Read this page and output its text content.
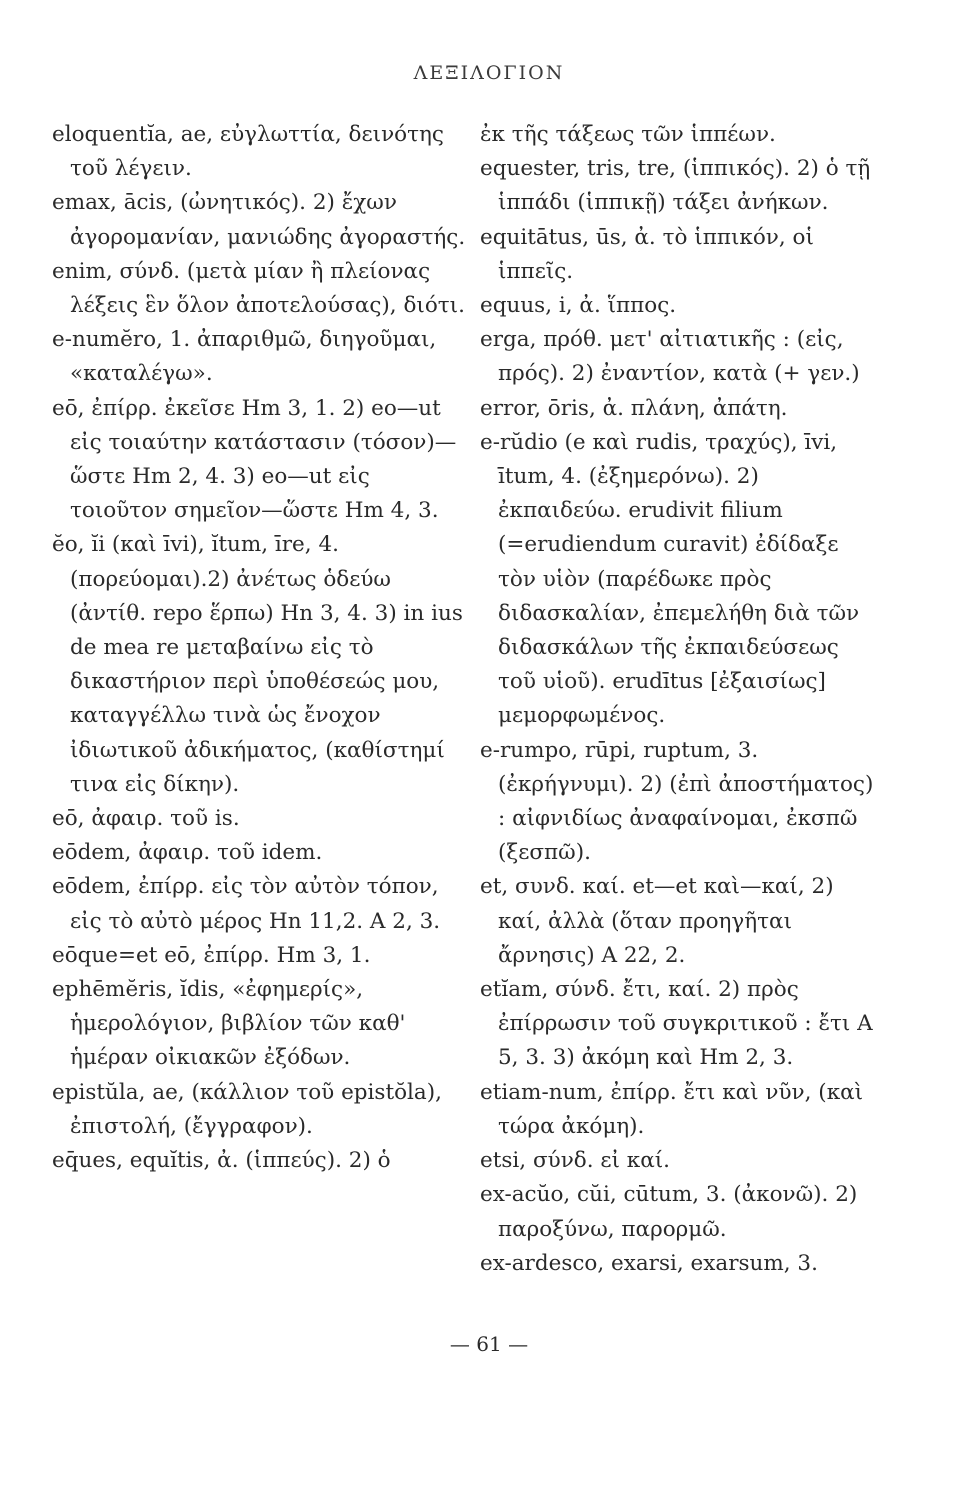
ΛΕΞΙΛΟΓΙΟΝ

eloquentĭa, ae, εὐγλωττία, δεινότης τοῦ λέγειν.

emax, ācis, (ὠνητικός). 2) ἔχων ἀγορομανίαν, μανιώδης ἀγοραστής.

enim, σύνδ. (μετὰ μίαν ἢ πλείονας λέξεις ἓν ὅλον ἀποτελούσας), διότι.

e-numĕro, 1. ἀπαριθμῶ, διηγοῦμαι, «καταλέγω».

eō, ἐπίρρ. ἐκεῖσε Hm 3, 1. 2) eo—ut εἰς τοιαύτην κατάστασιν (τόσον)—ὥστε Hm 2, 4. 3) eo—ut εἰς τοιοῦτον σημεῖον—ὥστε Hm 4, 3.

ĕo, ĭi (καὶ īvi), ĭtum, īre, 4. (πορεύομαι).2) ἀνέτως ὁδεύω (ἀντίθ. repo ἕρπω) Hn 3, 4. 3) in ius de mea re μεταβαίνω εἰς τὸ δικαστήριον περὶ ὑποθέσεώς μου, καταγγέλλω τινὰ ὡς ἔνοχον ἰδιωτικοῦ ἀδικήματος, (καθίστημί τινα εἰς δίκην).

eō, ἀφαιρ. τοῦ is.

eōdem, ἀφαιρ. τοῦ idem.

eōdem, ἐπίρρ. εἰς τὸν αὐτὸν τόπον, εἰς τὸ αὐτὸ μέρος Hn 11,2. A 2, 3.

eōque=et eō, ἐπίρρ. Hm 3, 1.

ephēmĕris, ĭdis, «ἐφημερίς», ἡμερολόγιον, βιβλίον τῶν καθ' ἡμέραν οἰκιακῶν ἐξόδων.

epistŭla, ae, (κάλλιον τοῦ epistŏla), ἐπιστολή, (ἔγγραφον).

eq̄ues, equĭtis, ἀ. (ἱππεύς). 2) ὁ

ἐκ τῆς τάξεως τῶν ἱππέων.

equester, tris, tre, (ἱππικός). 2) ὁ τῇ ἱππάδι (ἱππικῇ) τάξει ἀνήκων.

equitātus, ūs, ἀ. τὸ ἱππικόν, οἱ ἱππεῖς.

equus, i, ἀ. ἵππος.

erga, πρόθ. μετ' αἰτιατικῆς : (εἰς, πρός). 2) ἐναντίον, κατὰ (+ γεν.)

error, ōris, ἀ. πλάνη, ἀπάτη.

e-rŭdio (e καὶ rudis, τραχύς), īvi, ītum, 4. (ἐξημερόνω). 2) ἐκπαιδεύω. erudivit filium (=erudiendum curavit) ἐδίδαξε τὸν υἱὸν (παρέδωκε πρὸς διδασκαλίαν, ἐπεμελήθη διὰ τῶν διδασκάλων τῆς ἐκπαιδεύσεως τοῦ υἱοῦ). erudītus [ἐξαισίως] μεμορφωμένος.

e-rumpo, rūpi, ruptum, 3. (ἐκρήγνυμι). 2) (ἐπὶ ἀποστήματος) : αἰφνιδίως ἀναφαίνομαι, ἐκσπῶ (ξεσπῶ).

et, συνδ. καί. et—et καὶ—καί, 2) καί, ἀλλὰ (ὅταν προηγῆται ἄρνησις) A 22, 2.

etĭam, σύνδ. ἔτι, καί. 2) πρὸς ἐπίρρωσιν τοῦ συγκριτικοῦ : ἔτι A 5, 3. 3) ἀκόμη καὶ Hm 2, 3.

etiam-num, ἐπίρρ. ἔτι καὶ νῦν, (καὶ τώρα ἀκόμη).

etsi, σύνδ. εἰ καί.

ex-acŭo, cŭi, cūtum, 3. (ἀκονῶ). 2) παροξύνω, παρορμῶ.

ex-ardesco, exarsi, exarsum, 3.

— 61 —
